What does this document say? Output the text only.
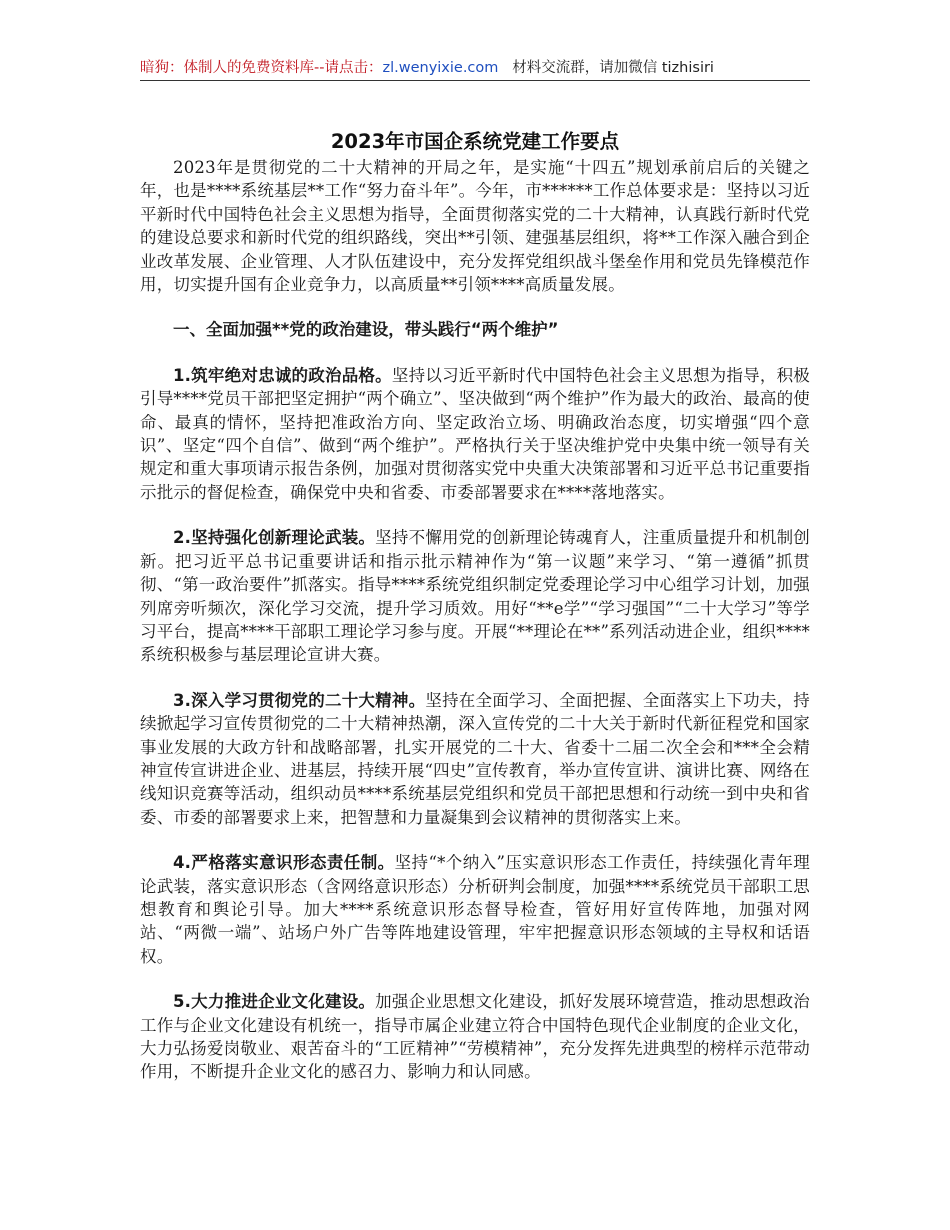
暗狗：体制人的免费资料库--请点击：zl.wenyixie.com 材料交流群，请加微信 tizhisiri
2023年市国企系统党建工作要点

2023年是贯彻党的二十大精神的开局之年，是实施“十四五”规划承前启后的关键之年，也是****系统基层**工作“努力奋斗年”。今年，市******工作总体要求是：坚持以习近平新时代中国特色社会主义思想为指导，全面贯彻落实党的二十大精神，认真践行新时代党的建设总要求和新时代党的组织路线，突出**引领、建强基层组织，将**工作深入融合到企业改革发展、企业管理、人才队伍建设中，充分发挥党组织战斗堡垒作用和党员先锋模范作用，切实提升国有企业竞争力，以高质量**引领****高质量发展。

一、全面加强**党的政治建设，带头践行“两个维护”

1.筑牢绝对忠诚的政治品格。坚持以习近平新时代中国特色社会主义思想为指导，积极引导****党员干部把坚定拥护“两个确立”、坚决做到“两个维护”作为最大的政治、最高的使命、最真的情怀，坚持把准政治方向、坚定政治立场、明确政治态度，切实增强“四个意识”、坚定“四个自信”、做到“两个维护”。严格执行关于坚决维护党中央集中统一领导有关规定和重大事项请示报告条例，加强对贯彻落实党中央重大决策部署和习近平总书记重要指示批示的督促检查，确保党中央和省委、市委部署要求在****落地落实。

2.坚持强化创新理论武装。坚持不懈用党的创新理论铸魂育人，注重质量提升和机制创新。把习近平总书记重要讲话和指示批示精神作为“第一议题”来学习、“第一遵循”抓贯彻、“第一政治要件”抓落实。指导****系统党组织制定党委理论学习中心组学习计划，加强列席旁听频次，深化学习交流，提升学习质效。用好“**e学”“学习强国”“二十大学习”等学习平台，提高****干部职工理论学习参与度。开展“**理论在**”系列活动进企业，组织****系统积极参与基层理论宣讲大赛。

3.深入学习贯彻党的二十大精神。坚持在全面学习、全面把握、全面落实上下功夫，持续掀起学习宣传贯彻党的二十大精神热潮，深入宣传党的二十大关于新时代新征程党和国家事业发展的大政方针和战略部署，扎实开展党的二十大、省委十二届二次全会和***全会精神宣传宣讲进企业、进基层，持续开展“四史”宣传教育，举办宣传宣讲、演讲比赛、网络在线知识竞赛等活动，组织动员****系统基层党组织和党员干部把思想和行动统一到中央和省委、市委的部署要求上来，把智慧和力量凝集到会议精神的贯彻落实上来。

4.严格落实意识形态责任制。坚持“*个纳入”压实意识形态工作责任，持续强化青年理论武装，落实意识形态（含网络意识形态）分析研判会制度，加强****系统党员干部职工思想教育和舆论引导。加大****系统意识形态督导检查，管好用好宣传阵地，加强对网站、“两微一端”、站场户外广告等阵地建设管理，牢牢把握意识形态领域的主导权和话语权。

5.大力推进企业文化建设。加强企业思想文化建设，抓好发展环境营造，推动思想政治工作与企业文化建设有机统一，指导市属企业建立符合中国特色现代企业制度的企业文化，大力弘扬爱岗敬业、艰苦奋斗的“工匠精神”“劳模精神”，充分发挥先进典型的榜样示范带动作用，不断提升企业文化的感召力、影响力和认同感。
